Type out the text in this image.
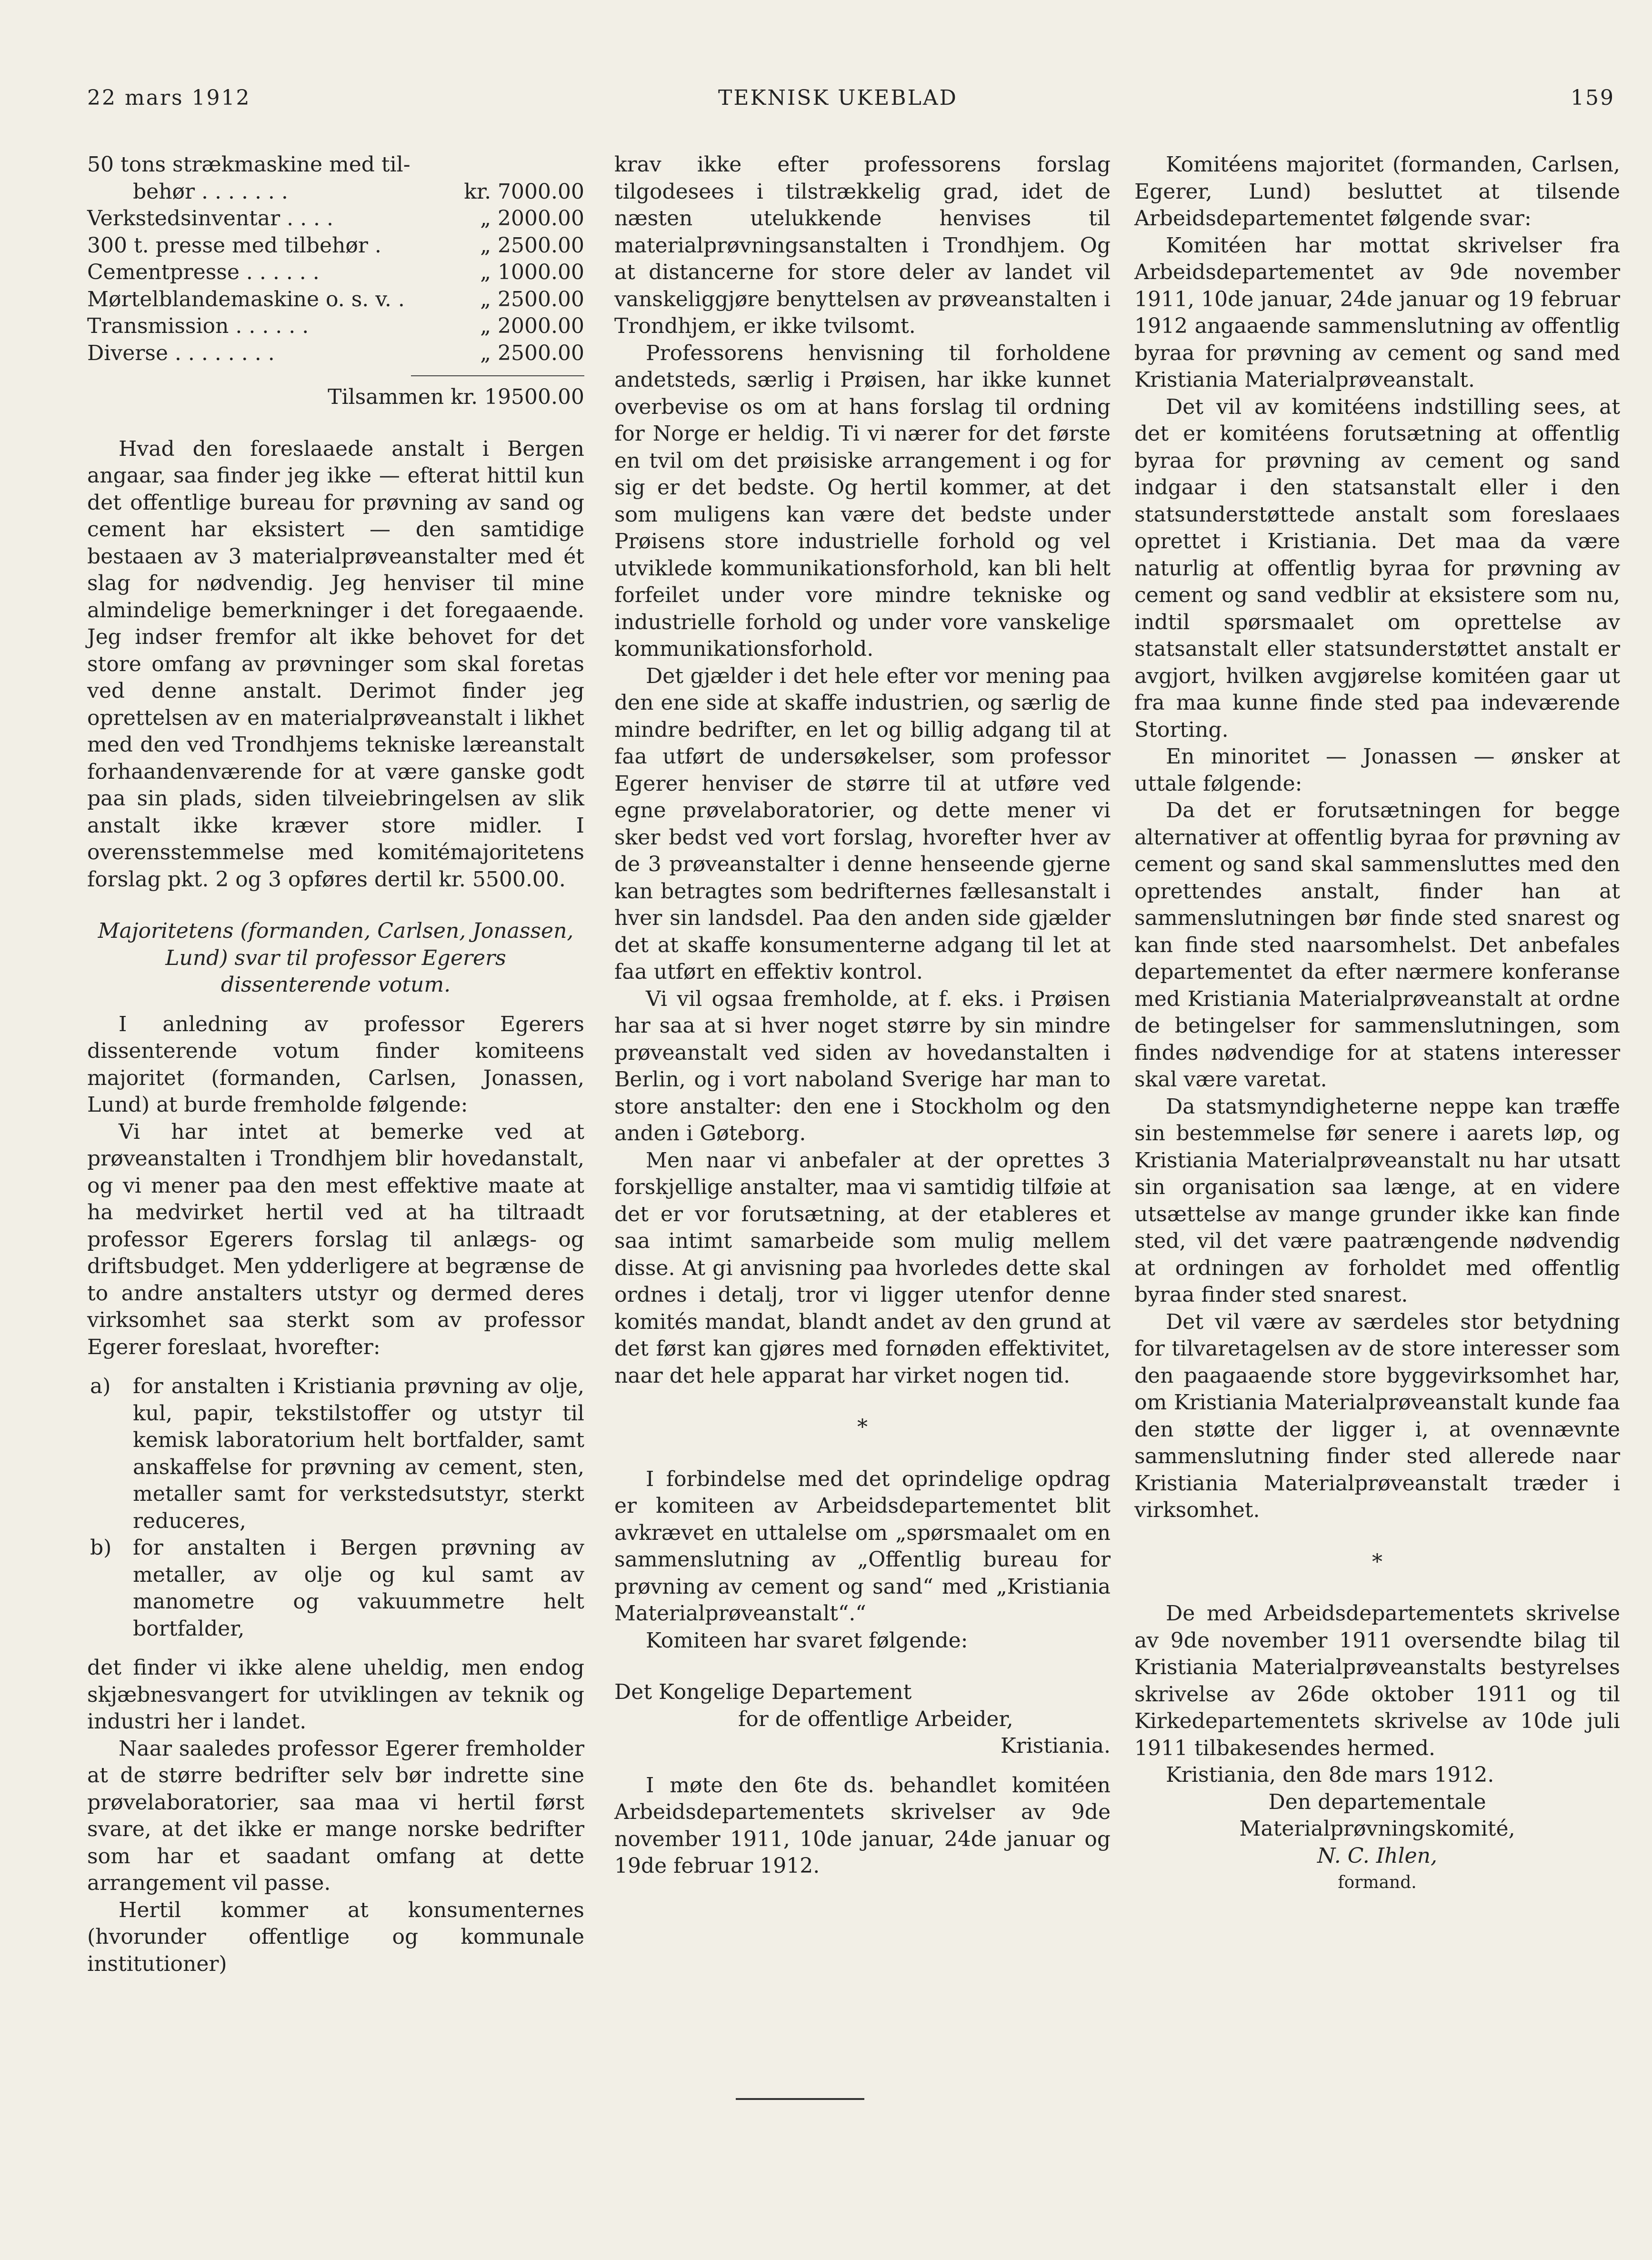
22 mars 1912	TEKNISK UKEBLAD	159
50 tons strækmaskine med til-
behør . . . . . . .	kr. 7000.00
Verkstedsinventar . . . .	„ 2000.00
300 t. presse med tilbehør .	„ 2500.00
Cementpresse . . . . . .	„ 1000.00
Mørtelblandemaskine o. s. v. .	„ 2500.00
Transmission . . . . . .	„ 2000.00
Diverse . . . . . . . .	„ 2500.00

Tilsammen kr. 19500.00

Hvad den foreslaaede anstalt i Bergen angaar, saa finder jeg ikke — efterat hittil kun det offentlige bureau for prøvning av sand og cement har eksistert — den samtidige bestaaen av 3 materialprøveanstalter med ét slag for nødvendig. Jeg henviser til mine almindelige bemerkninger i det foregaaende. Jeg indser fremfor alt ikke behovet for det store omfang av prøvninger som skal foretas ved denne anstalt. Derimot finder jeg oprettelsen av en materialprøveanstalt i likhet med den ved Trondhjems tekniske læreanstalt forhaandenværende for at være ganske godt paa sin plads, siden tilveiebringelsen av slik anstalt ikke kræver store midler. I overensstemmelse med komitémajoritetens forslag pkt. 2 og 3 opføres dertil kr. 5500.00.

Majoritetens (formanden, Carlsen, Jonassen, Lund) svar til professor Egerers dissenterende votum.

I anledning av professor Egerers dissenterende votum finder komiteens majoritet (formanden, Carlsen, Jonassen, Lund) at burde fremholde følgende:

Vi har intet at bemerke ved at prøveanstalten i Trondhjem blir hovedanstalt, og vi mener paa den mest effektive maate at ha medvirket hertil ved at ha tiltraadt professor Egerers forslag til anlægs- og driftsbudget. Men ydderligere at begrænse de to andre anstalters utstyr og dermed deres virksomhet saa sterkt som av professor Egerer foreslaat, hvorefter:

a)	for anstalten i Kristiania prøvning av olje, kul, papir, tekstilstoffer og utstyr til kemisk laboratorium helt bortfalder, samt anskaffelse for prøvning av cement, sten, metaller samt for verkstedsutstyr, sterkt reduceres,
b)	for anstalten i Bergen prøvning av metaller, av olje og kul samt av manometre og vakuummetre helt bortfalder,

det finder vi ikke alene uheldig, men endog skjæbnesvangert for utviklingen av teknik og industri her i landet.

Naar saaledes professor Egerer fremholder at de større bedrifter selv bør indrette sine prøvelaboratorier, saa maa vi hertil først svare, at det ikke er mange norske bedrifter som har et saadant omfang at dette arrangement vil passe.

Hertil kommer at konsumenternes (hvorunder offentlige og kommunale institutioner)

krav ikke efter professorens forslag tilgodesees i tilstrækkelig grad, idet de næsten utelukkende henvises til materialprøvningsanstalten i Trondhjem. Og at distancerne for store deler av landet vil vanskeliggjøre benyttelsen av prøveanstalten i Trondhjem, er ikke tvilsomt.

Professorens henvisning til forholdene andetsteds, særlig i Prøisen, har ikke kunnet overbevise os om at hans forslag til ordning for Norge er heldig. Ti vi nærer for det første en tvil om det prøisiske arrangement i og for sig er det bedste. Og hertil kommer, at det som muligens kan være det bedste under Prøisens store industrielle forhold og vel utviklede kommunikationsforhold, kan bli helt forfeilet under vore mindre tekniske og industrielle forhold og under vore vanskelige kommunikationsforhold.

Det gjælder i det hele efter vor mening paa den ene side at skaffe industrien, og særlig de mindre bedrifter, en let og billig adgang til at faa utført de undersøkelser, som professor Egerer henviser de større til at utføre ved egne prøvelaboratorier, og dette mener vi sker bedst ved vort forslag, hvorefter hver av de 3 prøveanstalter i denne henseende gjerne kan betragtes som bedrifternes fællesanstalt i hver sin landsdel. Paa den anden side gjælder det at skaffe konsumenterne adgang til let at faa utført en effektiv kontrol.

Vi vil ogsaa fremholde, at f. eks. i Prøisen har saa at si hver noget større by sin mindre prøveanstalt ved siden av hovedanstalten i Berlin, og i vort naboland Sverige har man to store anstalter: den ene i Stockholm og den anden i Gøteborg.

Men naar vi anbefaler at der oprettes 3 forskjellige anstalter, maa vi samtidig tilføie at det er vor forutsætning, at der etableres et saa intimt samarbeide som mulig mellem disse. At gi anvisning paa hvorledes dette skal ordnes i detalj, tror vi ligger utenfor denne komités mandat, blandt andet av den grund at det først kan gjøres med fornøden effektivitet, naar det hele apparat har virket nogen tid.

*

I forbindelse med det oprindelige opdrag er komiteen av Arbeidsdepartementet blit avkrævet en uttalelse om „spørsmaalet om en sammenslutning av „Offentlig bureau for prøvning av cement og sand“ med „Kristiania Materialprøveanstalt“.“

Komiteen har svaret følgende:

Det Kongelige Departement

for de offentlige Arbeider,

Kristiania.

I møte den 6te ds. behandlet komitéen Arbeidsdepartementets skrivelser av 9de november 1911, 10de januar, 24de januar og 19de februar 1912.

Komitéens majoritet (formanden, Carlsen, Egerer, Lund) besluttet at tilsende Arbeidsdepartementet følgende svar:

Komitéen har mottat skrivelser fra Arbeidsdepartementet av 9de november 1911, 10de januar, 24de januar og 19 februar 1912 angaaende sammenslutning av offentlig byraa for prøvning av cement og sand med Kristiania Materialprøveanstalt.

Det vil av komitéens indstilling sees, at det er komitéens forutsætning at offentlig byraa for prøvning av cement og sand indgaar i den statsanstalt eller i den statsunderstøttede anstalt som foreslaaes oprettet i Kristiania. Det maa da være naturlig at offentlig byraa for prøvning av cement og sand vedblir at eksistere som nu, indtil spørsmaalet om oprettelse av statsanstalt eller statsunderstøttet anstalt er avgjort, hvilken avgjørelse komitéen gaar ut fra maa kunne finde sted paa indeværende Storting.

En minoritet — Jonassen — ønsker at uttale følgende:

Da det er forutsætningen for begge alternativer at offentlig byraa for prøvning av cement og sand skal sammensluttes med den oprettendes anstalt, finder han at sammenslutningen bør finde sted snarest og kan finde sted naarsomhelst. Det anbefales departementet da efter nærmere konferanse med Kristiania Materialprøveanstalt at ordne de betingelser for sammenslutningen, som findes nødvendige for at statens interesser skal være varetat.

Da statsmyndigheterne neppe kan træffe sin bestemmelse før senere i aarets løp, og Kristiania Materialprøveanstalt nu har utsatt sin organisation saa længe, at en videre utsættelse av mange grunder ikke kan finde sted, vil det være paatrængende nødvendig at ordningen av forholdet med offentlig byraa finder sted snarest.

Det vil være av særdeles stor betydning for tilvaretagelsen av de store interesser som den paagaaende store byggevirksomhet har, om Kristiania Materialprøveanstalt kunde faa den støtte der ligger i, at ovennævnte sammenslutning finder sted allerede naar Kristiania Materialprøveanstalt træder i virksomhet.

*

De med Arbeidsdepartementets skrivelse av 9de november 1911 oversendte bilag til Kristiania Materialprøveanstalts bestyrelses skrivelse av 26de oktober 1911 og til Kirkedepartementets skrivelse av 10de juli 1911 tilbakesendes hermed.

Kristiania, den 8de mars 1912.

Den departementale Materialprøvningskomité,

N. C. Ihlen,

formand.
